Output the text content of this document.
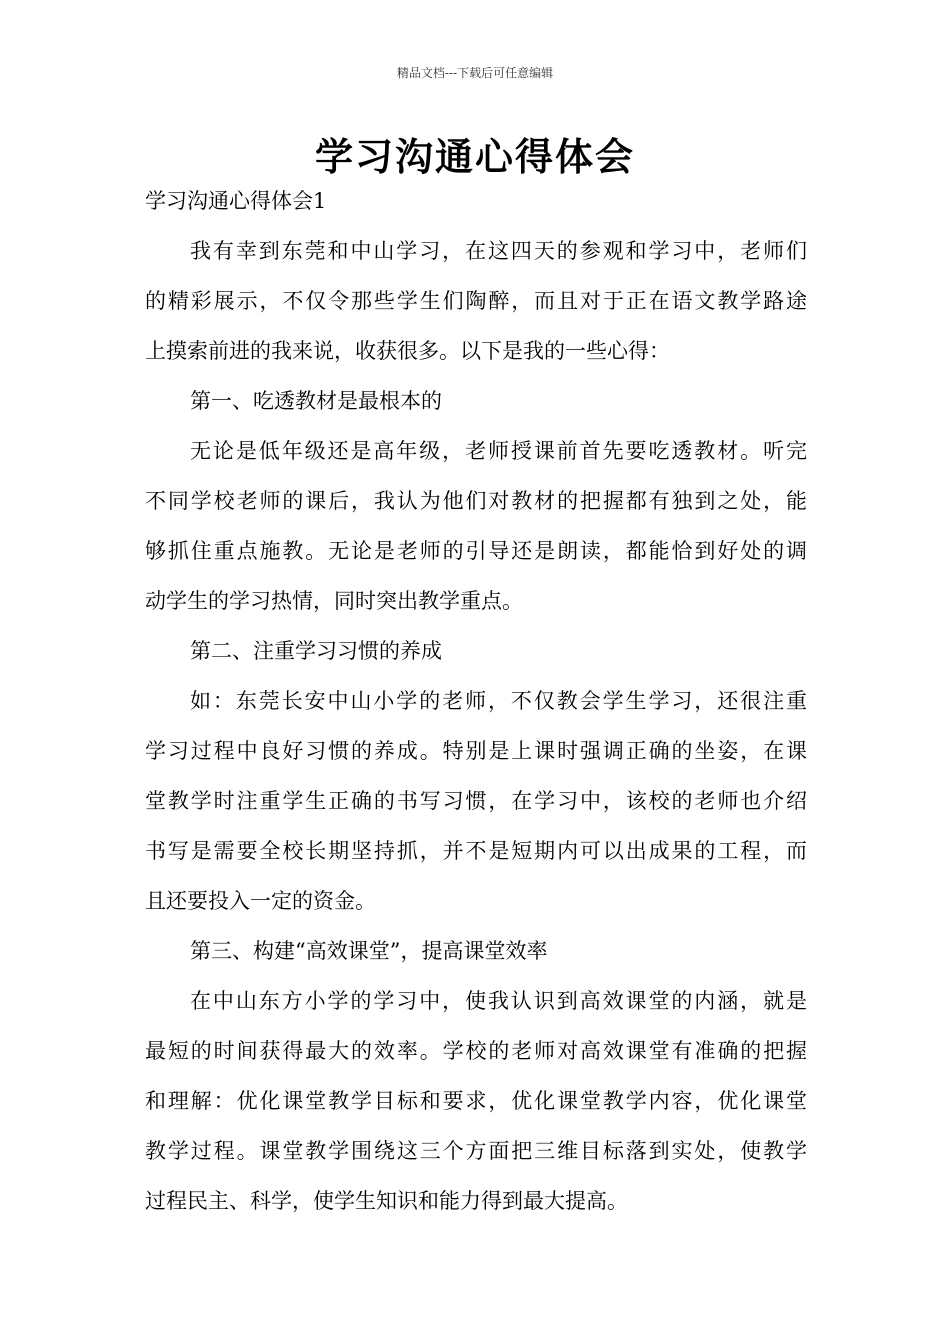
精品文档---下载后可任意编辑
学习沟通心得体会
学习沟通心得体会1
我有幸到东莞和中山学习，在这四天的参观和学习中，老师们
的精彩展示，不仅令那些学生们陶醉，而且对于正在语文教学路途
上摸索前进的我来说，收获很多。以下是我的一些心得：
第一、吃透教材是最根本的
无论是低年级还是高年级，老师授课前首先要吃透教材。听完
不同学校老师的课后，我认为他们对教材的把握都有独到之处，能
够抓住重点施教。无论是老师的引导还是朗读，都能恰到好处的调
动学生的学习热情，同时突出教学重点。
第二、注重学习习惯的养成
如：东莞长安中山小学的老师，不仅教会学生学习，还很注重
学习过程中良好习惯的养成。特别是上课时强调正确的坐姿，在课
堂教学时注重学生正确的书写习惯，在学习中，该校的老师也介绍
书写是需要全校长期坚持抓，并不是短期内可以出成果的工程，而
且还要投入一定的资金。
第三、构建“高效课堂”，提高课堂效率
在中山东方小学的学习中，使我认识到高效课堂的内涵，就是
最短的时间获得最大的效率。学校的老师对高效课堂有准确的把握
和理解：优化课堂教学目标和要求，优化课堂教学内容，优化课堂
教学过程。课堂教学围绕这三个方面把三维目标落到实处，使教学
过程民主、科学，使学生知识和能力得到最大提高。
